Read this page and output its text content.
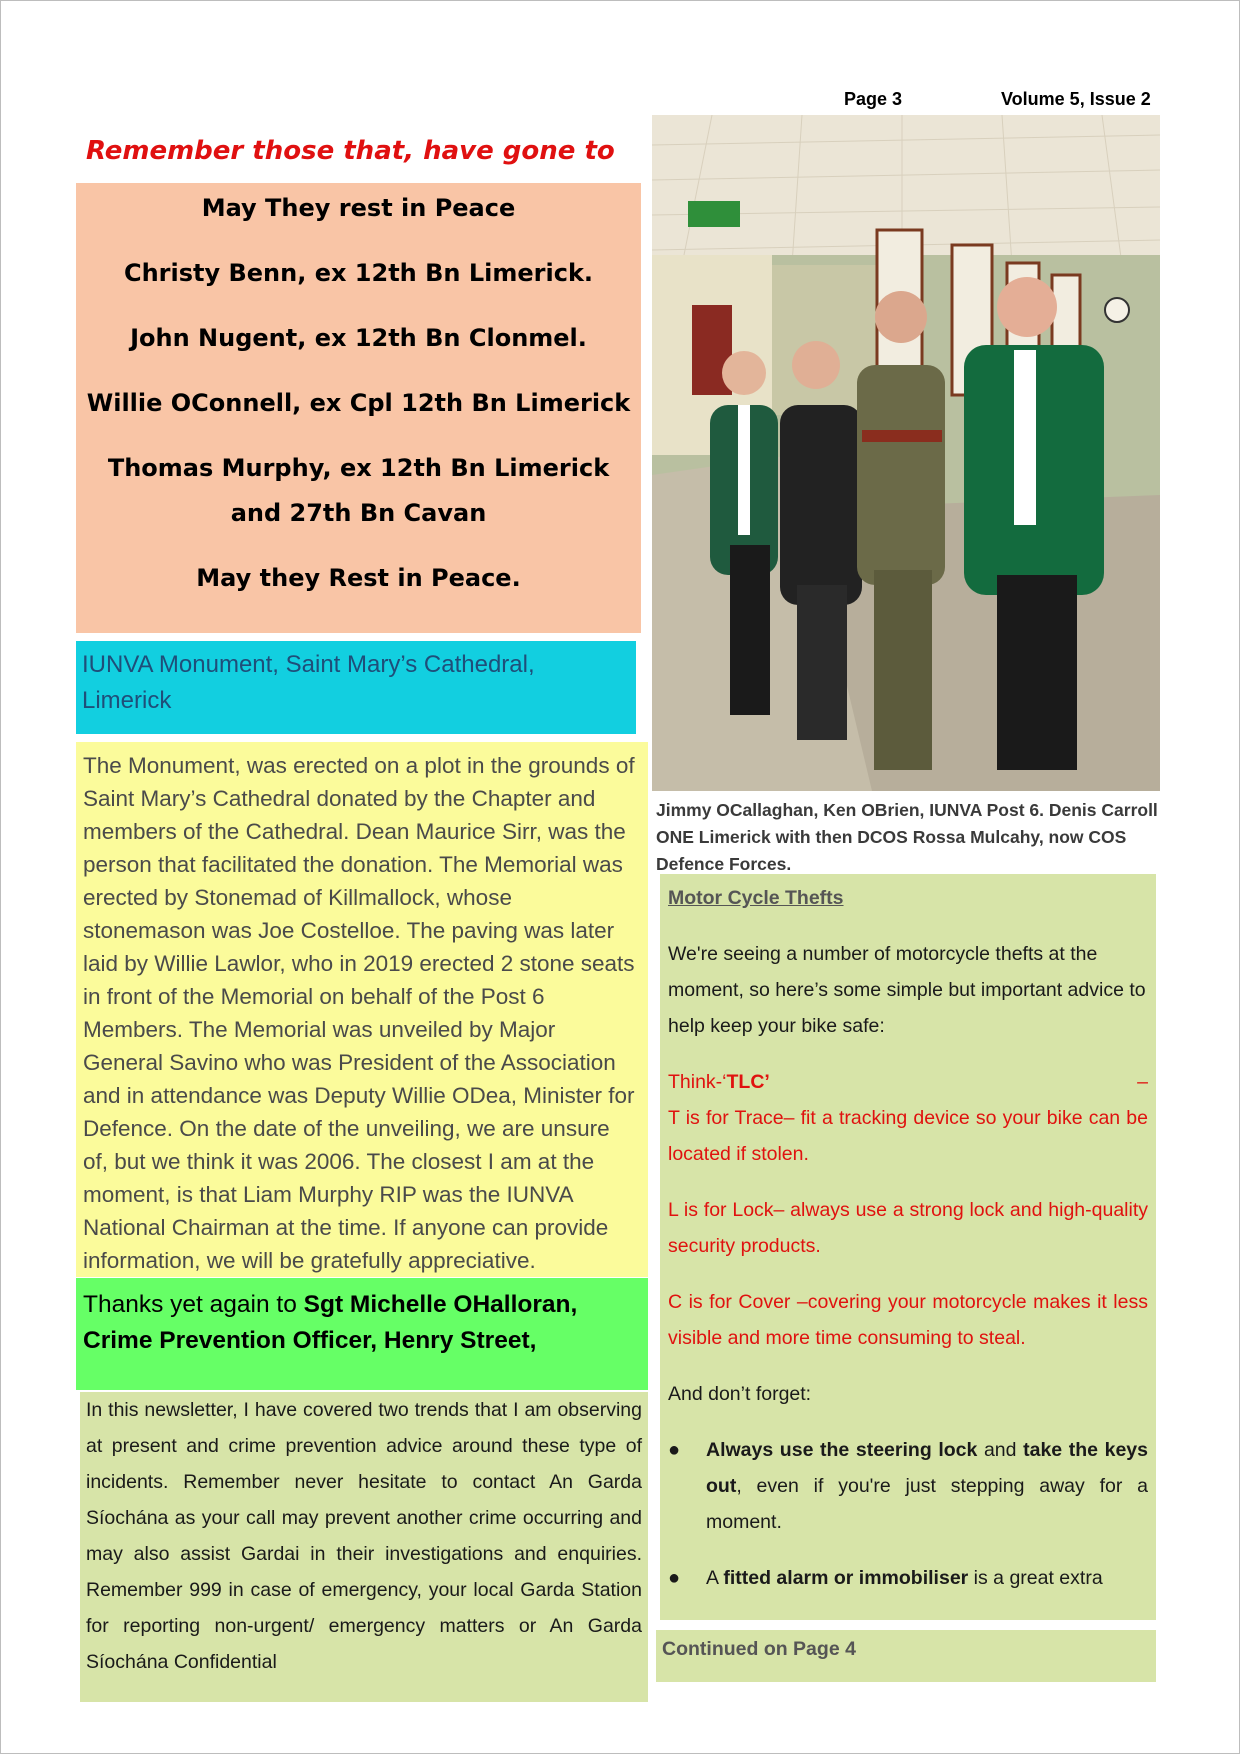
Page 3	Volume 5, Issue 2
Remember those that, have gone to
May They rest in Peace
Christy Benn, ex 12th Bn Limerick.
John Nugent, ex 12th Bn Clonmel.
Willie OConnell, ex Cpl 12th Bn Limerick
Thomas Murphy, ex 12th Bn Limerick
and 27th Bn Cavan
May they Rest in Peace.
IUNVA Monument, Saint Mary’s Cathedral, Limerick
The Monument, was erected on a plot in the grounds of Saint Mary’s Cathedral donated by the Chapter and members of the Cathedral. Dean Maurice Sirr, was the person that facilitated the donation. The Memorial was erected by Stonemad of Killmallock, whose stonemason was Joe Costelloe. The paving was later laid by Willie Lawlor, who in 2019 erected 2 stone seats in front of the Memorial on behalf of the Post 6 Members. The Memorial was unveiled by Major General Savino who was President of the Association and in attendance was Deputy Willie ODea, Minister for Defence. On the date of the unveiling, we are unsure of, but we think it was 2006. The closest I am at the moment, is that Liam Murphy RIP was the IUNVA National Chairman at the time. If anyone can provide information, we will be gratefully appreciative.
Thanks yet again to Sgt Michelle OHalloran, Crime Prevention Officer, Henry Street,
In this newsletter, I have covered two trends that I am observing at present and crime prevention advice around these type of incidents. Remember never hesitate to contact An Garda Síochána as your call may prevent another crime occurring and may also assist Gardai in their investigations and enquiries. Remember 999 in case of emergency, your local Garda Station for reporting non-urgent/ emergency matters or An Garda Síochána Confidential
Jimmy OCallaghan, Ken OBrien, IUNVA Post 6. Denis Carroll ONE Limerick with then DCOS Rossa Mulcahy, now COS Defence Forces.

Motor Cycle Thefts

We're seeing a number of motorcycle thefts at the moment, so here’s some simple but important advice to help keep your bike safe:

Think-‘TLC’	–

T is for Trace– fit a tracking device so your bike can be located if stolen.

L is for Lock– always use a strong lock and high-quality security products.

C is for Cover –covering your motorcycle makes it less visible and more time consuming to steal.

And don’t forget:

●	Always use the steering lock and take the keys out, even if you're just stepping away for a moment.
●	A fitted alarm or immobiliser is a great extra
Continued on Page 4
